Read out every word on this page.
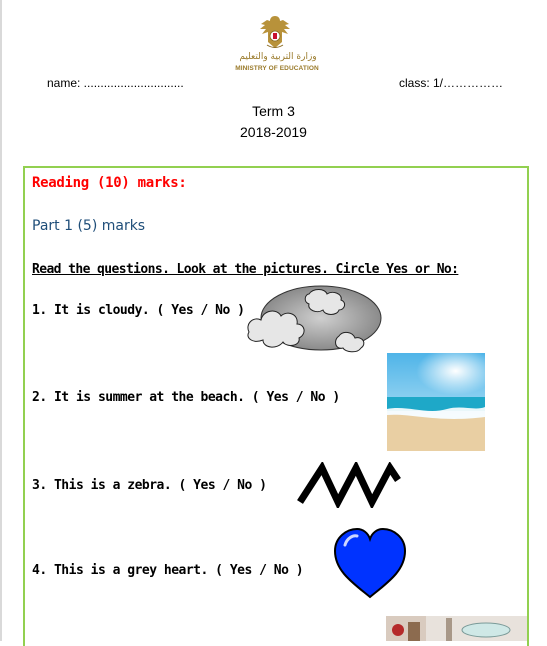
وزارة التربية والتعليم
MINISTRY OF EDUCATION
name: ..............................	class: 1/……………
Term 3
2018-2019
Reading (10) marks:
Part 1 (5) marks
Read the questions. Look at the pictures. Circle Yes or No:
1. It is cloudy. ( Yes / No )
2. It is summer at the beach. ( Yes / No )
3. This is a zebra. ( Yes / No )
4. This is a grey heart. ( Yes / No )
